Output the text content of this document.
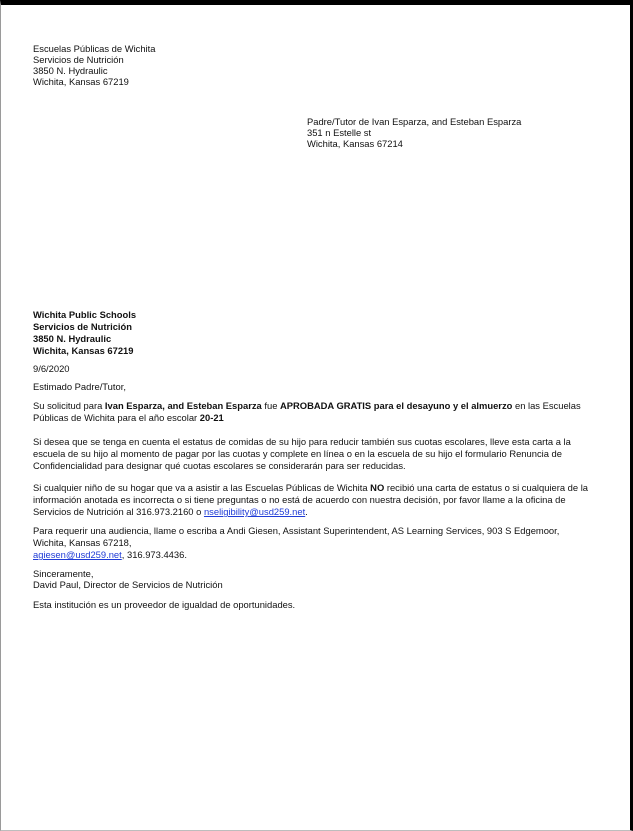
Escuelas Públicas de Wichita
Servicios de Nutrición
3850 N. Hydraulic
Wichita, Kansas 67219
Padre/Tutor de Ivan Esparza, and Esteban Esparza
351 n Estelle st
Wichita, Kansas 67214
Wichita Public Schools
Servicios de Nutrición
3850 N. Hydraulic
Wichita, Kansas 67219
9/6/2020
Estimado Padre/Tutor,
Su solicitud para Ivan Esparza, and Esteban Esparza fue APROBADA GRATIS para el desayuno y el almuerzo en las Escuelas Públicas de Wichita para el año escolar 20-21
Si desea que se tenga en cuenta el estatus de comidas de su hijo para reducir también sus cuotas escolares, lleve esta carta a la escuela de su hijo al momento de pagar por las cuotas y complete en línea o en la escuela de su hijo el formulario Renuncia de Confidencialidad para designar qué cuotas escolares se considerarán para ser reducidas.
Si cualquier niño de su hogar que va a asistir a las Escuelas Públicas de Wichita NO recibió una carta de estatus o si cualquiera de la información anotada es incorrecta o si tiene preguntas o no está de acuerdo con nuestra decisión, por favor llame a la oficina de Servicios de Nutrición al 316.973.2160 o nseligibility@usd259.net.
Para requerir una audiencia, llame o escriba a Andi Giesen, Assistant Superintendent, AS Learning Services, 903 S Edgemoor,
Wichita, Kansas 67218,
agiesen@usd259.net, 316.973.4436.
Sinceramente,
David Paul, Director de Servicios de Nutrición
Esta institución es un proveedor de igualdad de oportunidades.
